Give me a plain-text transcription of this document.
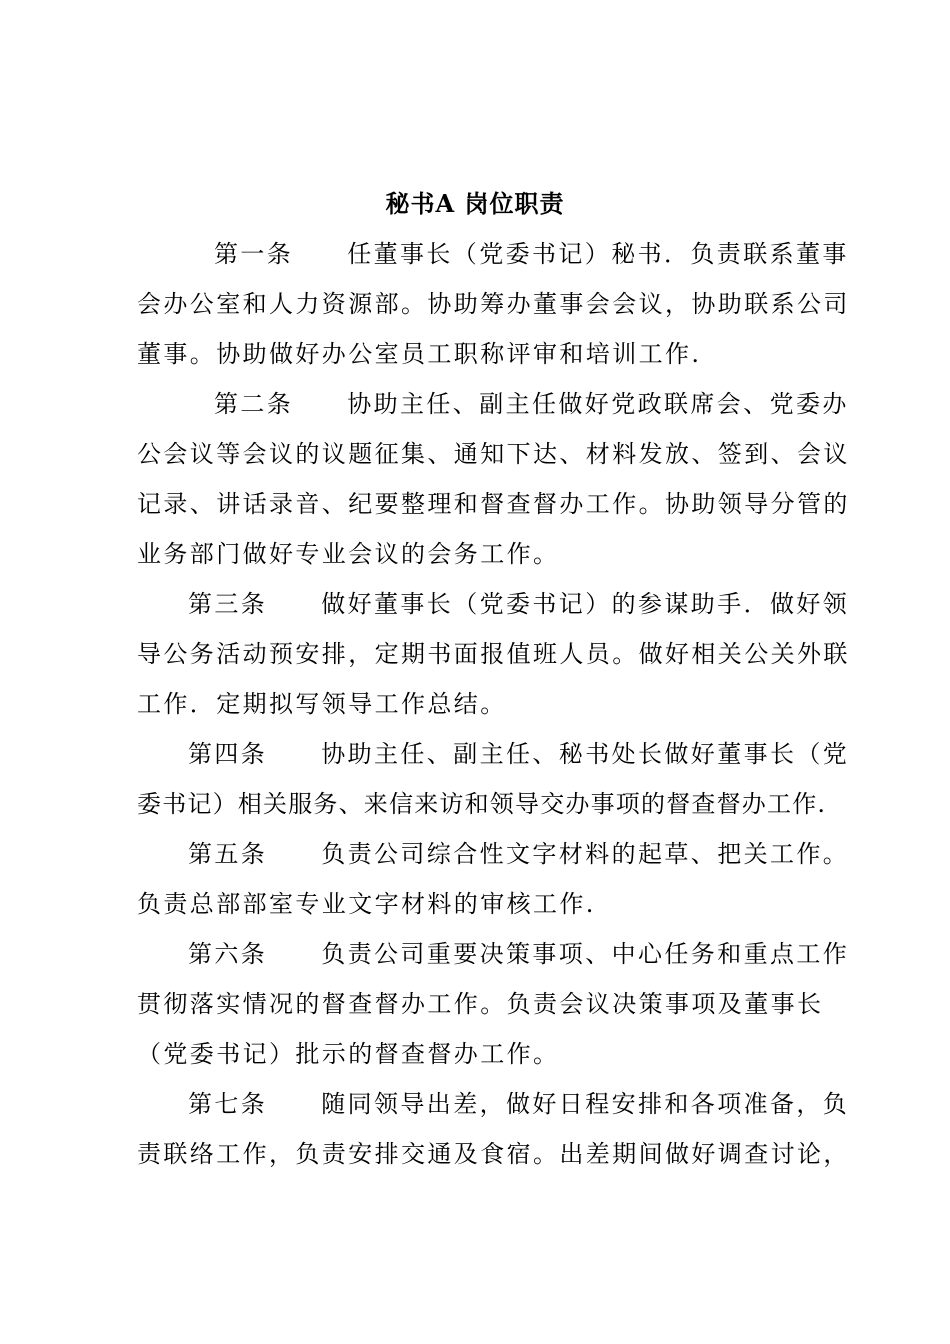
秘书A 岗位职责
第一条 任董事长（党委书记）秘书．负责联系董事
会办公室和人力资源部。协助筹办董事会会议，协助联系公司
董事。协助做好办公室员工职称评审和培训工作.
第二条 协助主任、副主任做好党政联席会、党委办
公会议等会议的议题征集、通知下达、材料发放、签到、会议
记录、讲话录音、纪要整理和督查督办工作。协助领导分管的
业务部门做好专业会议的会务工作。
第三条 做好董事长（党委书记）的参谋助手．做好领
导公务活动预安排，定期书面报值班人员。做好相关公关外联
工作．定期拟写领导工作总结。
第四条 协助主任、副主任、秘书处长做好董事长（党
委书记）相关服务、来信来访和领导交办事项的督查督办工作.
第五条 负责公司综合性文字材料的起草、把关工作。
负责总部部室专业文字材料的审核工作.
第六条 负责公司重要决策事项、中心任务和重点工作
贯彻落实情况的督查督办工作。负责会议决策事项及董事长
（党委书记）批示的督查督办工作。
第七条 随同领导出差，做好日程安排和各项准备，负
责联络工作，负责安排交通及食宿。出差期间做好调查讨论，
